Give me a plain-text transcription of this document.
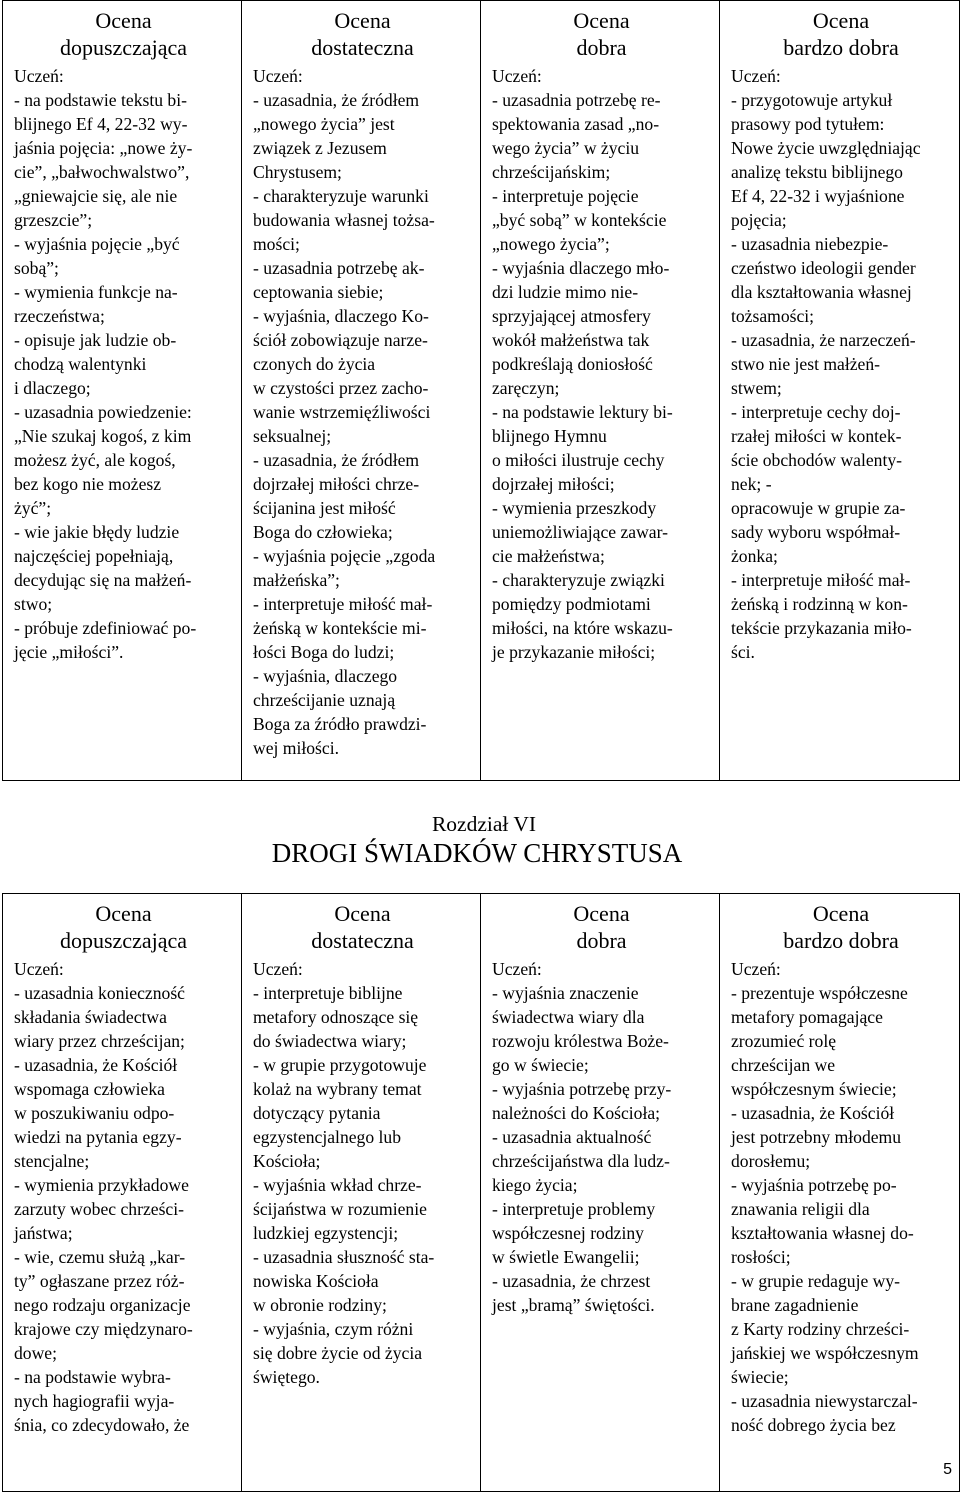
Ocena
dopuszczająca
Uczeń:
- na podstawie tekstu bi-
blijnego Ef 4, 22-32 wy-
jaśnia pojęcia: „nowe ży-
cie”, „bałwochwalstwo”,
„gniewajcie się, ale nie
grzeszcie”;
- wyjaśnia pojęcie „być
sobą”;
- wymienia funkcje na-
rzeczeństwa;
- opisuje jak ludzie ob-
chodzą walentynki
i dlaczego;
- uzasadnia powiedzenie:
„Nie szukaj kogoś, z kim
możesz żyć, ale kogoś,
bez kogo nie możesz
żyć”;
- wie jakie błędy ludzie
najczęściej popełniają,
decydując się na małżeń-
stwo;
- próbuje zdefiniować po-
jęcie „miłości”.

Ocena
dostateczna
Uczeń:
- uzasadnia, że źródłem
„nowego życia” jest
związek z Jezusem
Chrystusem;
- charakteryzuje warunki
budowania własnej tożsa-
mości;
- uzasadnia potrzebę ak-
ceptowania siebie;
- wyjaśnia, dlaczego Ko-
ściół zobowiązuje narze-
czonych do życia
w czystości przez zacho-
wanie wstrzemięźliwości
seksualnej;
- uzasadnia, że źródłem
dojrzałej miłości chrze-
ścijanina jest miłość
Boga do człowieka;
- wyjaśnia pojęcie „zgoda
małżeńska”;
- interpretuje miłość mał-
żeńską w kontekście mi-
łości Boga do ludzi;
- wyjaśnia, dlaczego
chrześcijanie uznają
Boga za źródło prawdzi-
wej miłości.

Ocena
dobra
Uczeń:
- uzasadnia potrzebę re-
spektowania zasad „no-
wego życia” w życiu
chrześcijańskim;
- interpretuje pojęcie
„być sobą” w kontekście
„nowego życia”;
- wyjaśnia dlaczego mło-
dzi ludzie mimo nie-
sprzyjającej atmosfery
wokół małżeństwa tak
podkreślają doniosłość
zaręczyn;
- na podstawie lektury bi-
blijnego Hymnu
o miłości ilustruje cechy
dojrzałej miłości;
- wymienia przeszkody
uniemożliwiające zawar-
cie małżeństwa;
- charakteryzuje związki
pomiędzy podmiotami
miłości, na które wskazu-
je przykazanie miłości;

Ocena
bardzo dobra
Uczeń:
- przygotowuje artykuł
prasowy pod tytułem:
Nowe życie uwzględniając
analizę tekstu biblijnego
Ef 4, 22-32 i wyjaśnione
pojęcia;
- uzasadnia niebezpie-
czeństwo ideologii gender
dla kształtowania własnej
tożsamości;
- uzasadnia, że narzeczeń-
stwo nie jest małżeń-
stwem;
- interpretuje cechy doj-
rzałej miłości w kontek-
ście obchodów walenty-
nek; -
opracowuje w grupie za-
sady wyboru współmał-
żonka;
- interpretuje miłość mał-
żeńską i rodzinną w kon-
tekście przykazania miło-
ści.
Rozdział VI
DROGI ŚWIADKÓW CHRYSTUSA
Ocena
dopuszczająca
Uczeń:
- uzasadnia konieczność
składania świadectwa
wiary przez chrześcijan;
- uzasadnia, że Kościół
wspomaga człowieka
w poszukiwaniu odpo-
wiedzi na pytania egzy-
stencjalne;
- wymienia przykładowe
zarzuty wobec chrześci-
jaństwa;
- wie, czemu służą „kar-
ty” ogłaszane przez róż-
nego rodzaju organizacje
krajowe czy międzynaro-
dowe;
- na podstawie wybra-
nych hagiografii wyja-
śnia, co zdecydowało, że

Ocena
dostateczna
Uczeń:
- interpretuje biblijne
metafory odnoszące się
do świadectwa wiary;
- w grupie przygotowuje
kolaż na wybrany temat
dotyczący pytania
egzystencjalnego lub
Kościoła;
- wyjaśnia wkład chrze-
ścijaństwa w rozumienie
ludzkiej egzystencji;
- uzasadnia słuszność sta-
nowiska Kościoła
w obronie rodziny;
- wyjaśnia, czym różni
się dobre życie od życia
świętego.

Ocena
dobra
Uczeń:
- wyjaśnia znaczenie
świadectwa wiary dla
rozwoju królestwa Boże-
go w świecie;
- wyjaśnia potrzebę przy-
należności do Kościoła;
- uzasadnia aktualność
chrześcijaństwa dla ludz-
kiego życia;
- interpretuje problemy
współczesnej rodziny
w świetle Ewangelii;
- uzasadnia, że chrzest
jest „bramą” świętości.

Ocena
bardzo dobra
Uczeń:
- prezentuje współczesne
metafory pomagające
zrozumieć rolę
chrześcijan we
współczesnym świecie;
- uzasadnia, że Kościół
jest potrzebny młodemu
dorosłemu;
- wyjaśnia potrzebę po-
znawania religii dla
kształtowania własnej do-
rosłości;
- w grupie redaguje wy-
brane zagadnienie
z Karty rodziny chrześci-
jańskiej we współczesnym
świecie;
- uzasadnia niewystarczal-
ność dobrego życia bez
5
